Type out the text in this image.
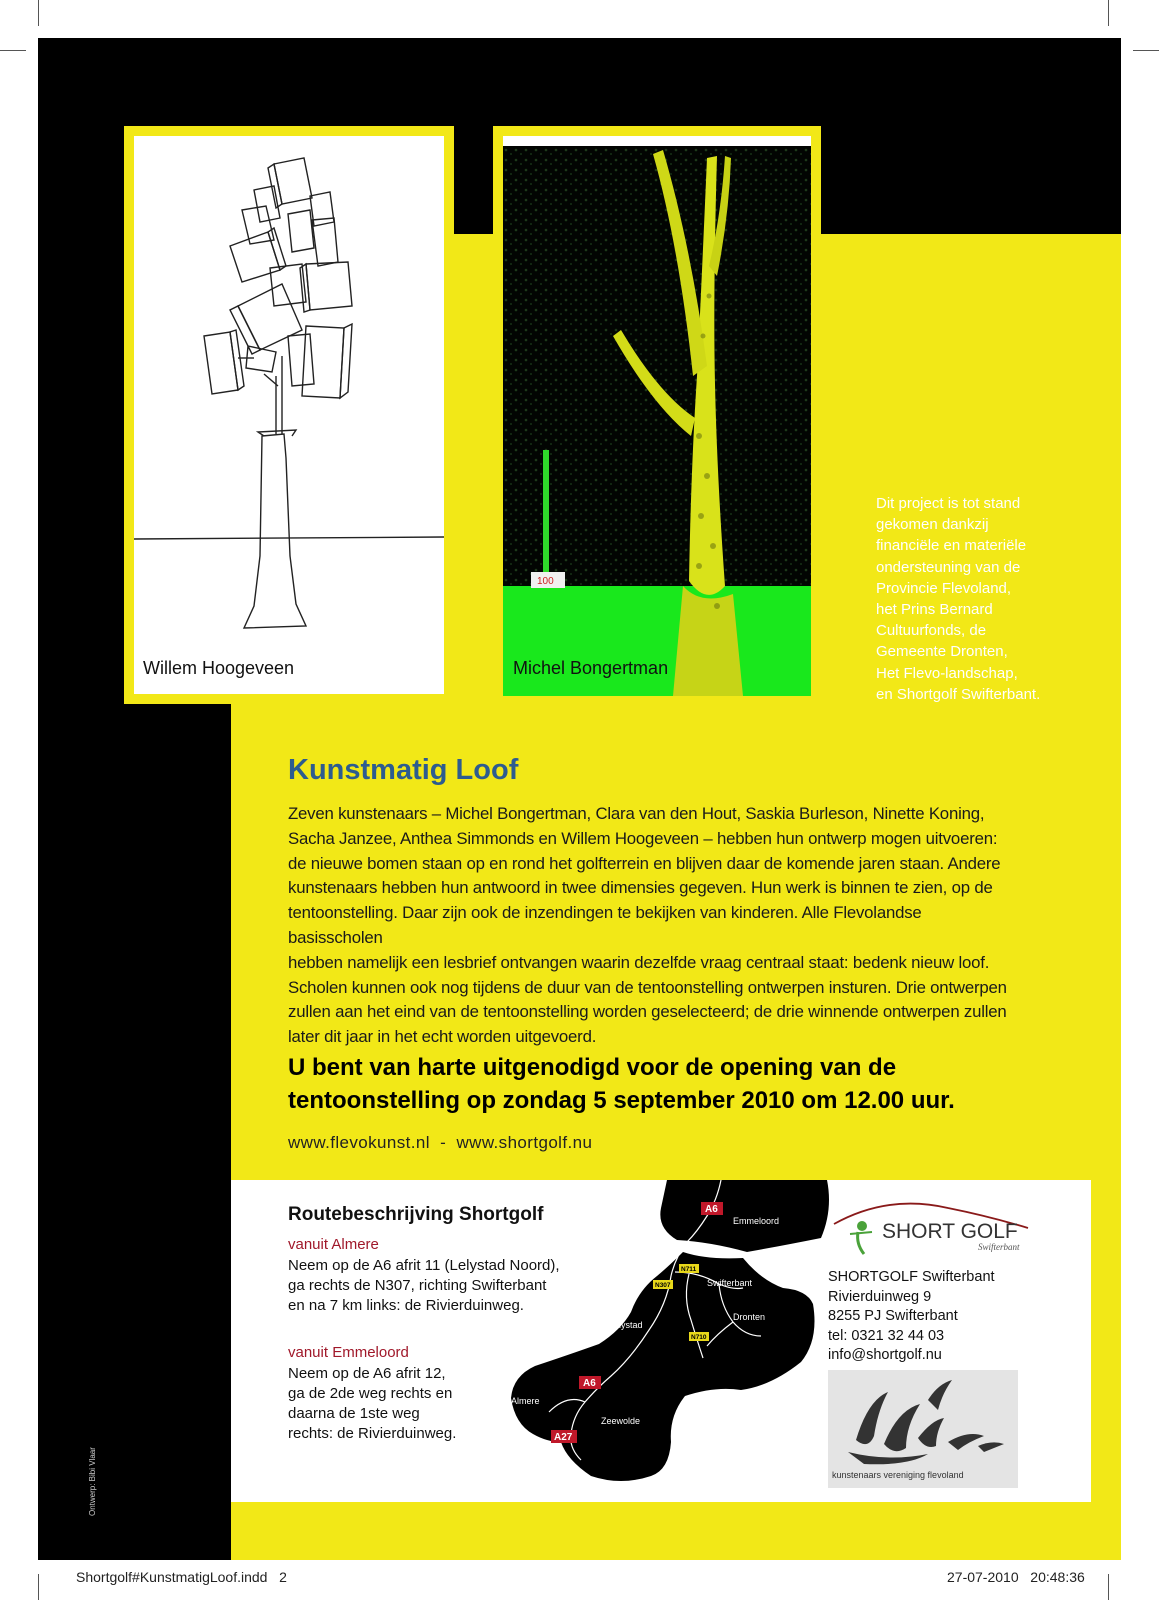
Willem Hoogeveen
100
Michel Bongertman
Dit project is tot stand
gekomen dankzij
financiële en materiële
ondersteuning van de
Provincie Flevoland,
het Prins Bernard
Cultuurfonds, de
Gemeente Dronten,
Het Flevo-landschap,
en Shortgolf Swifterbant.
Kunstmatig Loof
Zeven kunstenaars – Michel Bongertman, Clara van den Hout, Saskia Burleson, Ninette Koning,
Sacha Janzee, Anthea Simmonds en Willem Hoogeveen – hebben hun ontwerp mogen uitvoeren:
de nieuwe bomen staan op en rond het golfterrein en blijven daar de komende jaren staan. Andere
kunstenaars hebben hun antwoord in twee dimensies gegeven. Hun werk is binnen te zien, op de
tentoonstelling. Daar zijn ook de inzendingen te bekijken van kinderen. Alle Flevolandse basisscholen
hebben namelijk een lesbrief ontvangen waarin dezelfde vraag centraal staat: bedenk nieuw loof.
Scholen kunnen ook nog tijdens de duur van de tentoonstelling ontwerpen insturen. Drie ontwerpen
zullen aan het eind van de tentoonstelling worden geselecteerd; de drie winnende ontwerpen zullen
later dit jaar in het echt worden uitgevoerd.
U bent van harte uitgenodigd voor de opening van de
tentoonstelling op zondag 5 september 2010 om 12.00 uur.
www.flevokunst.nl  -  www.shortgolf.nu
Routebeschrijving Shortgolf
vanuit Almere
Neem op de A6 afrit 11 (Lelystad Noord),
ga rechts de N307, richting Swifterbant
en na 7 km links: de Rivierduinweg.
vanuit Emmeloord
Neem op de A6 afrit 12,
ga de 2de weg rechts en
daarna de 1ste weg
rechts: de Rivierduinweg.
Emmeloord
Swifterbant
Dronten
Lelystad
Almere
Zeewolde
A6
A6
A27
N711
N307
N710
SHORT GOLF
Swifterbant
SHORTGOLF Swifterbant
Rivierduinweg 9
8255 PJ Swifterbant
tel: 0321 32 44 03
info@shortgolf.nu
kunstenaars vereniging flevoland
Ontwerp: Bibi Vlaar
Shortgolf#KunstmatigLoof.indd   2	27-07-2010   20:48:36
